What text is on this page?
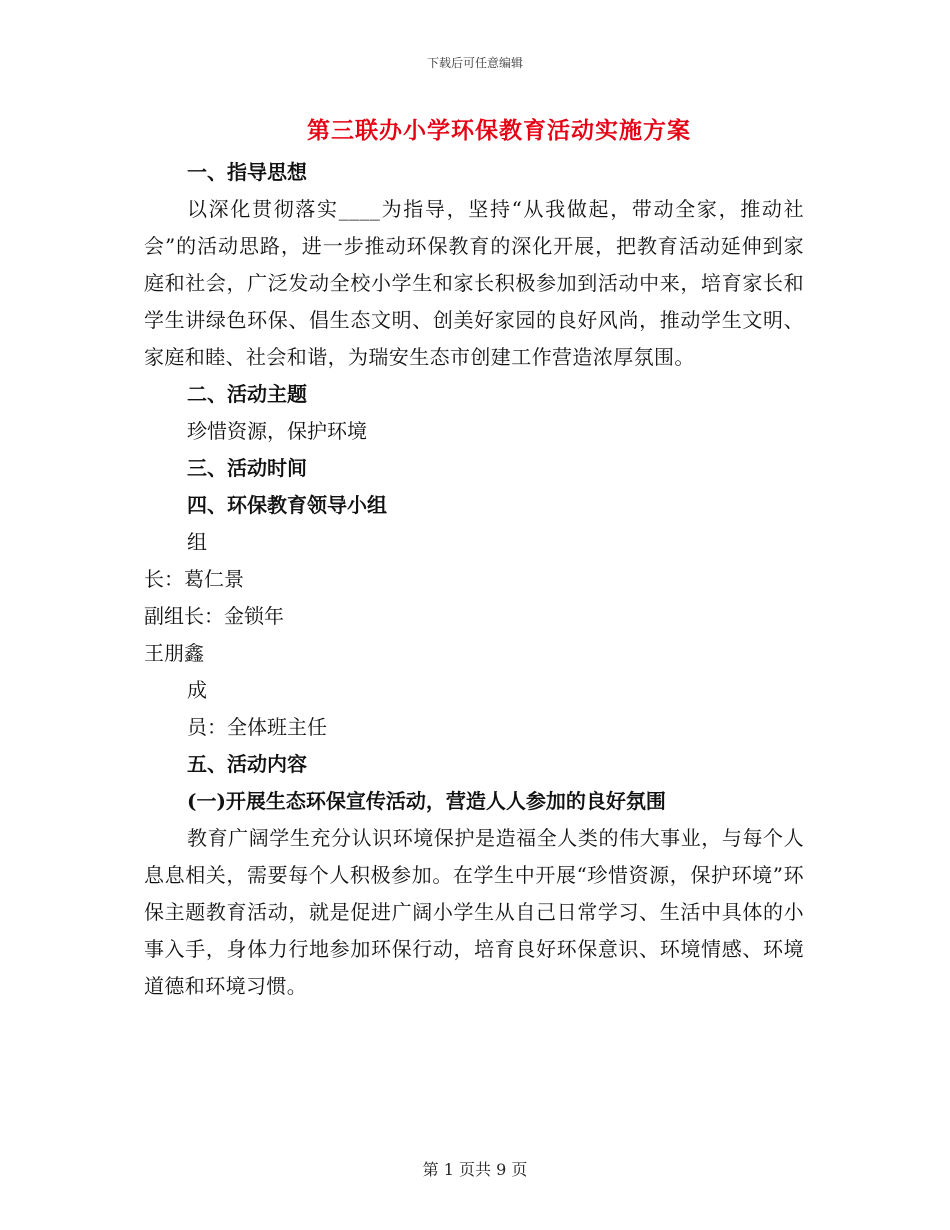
下载后可任意编辑
第三联办小学环保教育活动实施方案
一、指导思想
以深化贯彻落实____为指导，坚持“从我做起，带动全家，推动社会”的活动思路，进一步推动环保教育的深化开展，把教育活动延伸到家庭和社会，广泛发动全校小学生和家长积极参加到活动中来，培育家长和学生讲绿色环保、倡生态文明、创美好家园的良好风尚，推动学生文明、家庭和睦、社会和谐，为瑞安生态市创建工作营造浓厚氛围。
二、活动主题
珍惜资源，保护环境
三、活动时间
四、环保教育领导小组
组
长：葛仁景
副组长：金锁年
王朋鑫
成
员：全体班主任
五、活动内容
(一)开展生态环保宣传活动，营造人人参加的良好氛围
教育广阔学生充分认识环境保护是造福全人类的伟大事业，与每个人息息相关，需要每个人积极参加。在学生中开展“珍惜资源，保护环境”环保主题教育活动，就是促进广阔小学生从自己日常学习、生活中具体的小事入手，身体力行地参加环保行动，培育良好环保意识、环境情感、环境道德和环境习惯。
第 1 页共 9 页
